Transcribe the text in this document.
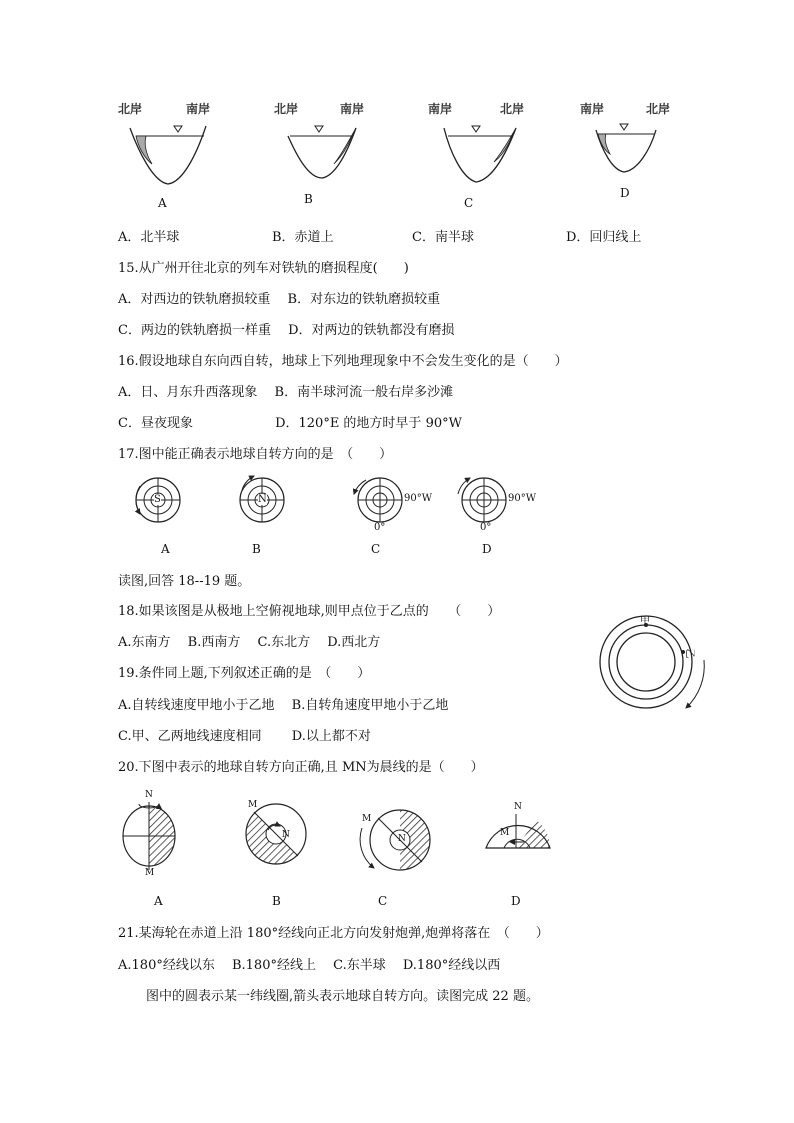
北岸	南岸
A
北岸	南岸
B
南岸	北岸
C
南岸	北岸
D
A．北半球	B．赤道上	C．南半球	D．回归线上
15.从广州开往北京的列车对铁轨的磨损程度(　　)
A．对西边的铁轨磨损较重　 B．对东边的铁轨磨损较重
C．两边的铁轨磨损一样重　 D．对两边的铁轨都没有磨损
16.假设地球自东向西自转，地球上下列地理现象中不会发生变化的是（　　）
A．日、月东升西落现象　 B．南半球河流一般右岸多沙滩
C．昼夜现象　　　　　　 D．120°E 的地方时早于 90°W
17.图中能正确表示地球自转方向的是　（　　）
S
A
N
B
90°W
0°
C
90°W
0°
D
读图,回答 18--19 题。
18.如果该图是从极地上空俯视地球,则甲点位于乙点的　　（　　）
A.东南方　 B.西南方　 C.东北方　 D.西北方
19.条件同上题,下列叙述正确的是　（　　）
A.自转线速度甲地小于乙地　 B.自转角速度甲地小于乙地
C.甲、乙两地线速度相同　　 D.以上都不对
甲
乙
20.下图中表示的地球自转方向正确,且 MN为晨线的是（　　）
N
M
A
M
N
B
M
N
C
N
M
D
21.某海轮在赤道上沿 180°经线向正北方向发射炮弹,炮弹将落在　（　　）
A.180°经线以东　 B.180°经线上　 C.东半球　 D.180°经线以西
图中的圆表示某一纬线圈,箭头表示地球自转方向。读图完成 22 题。
